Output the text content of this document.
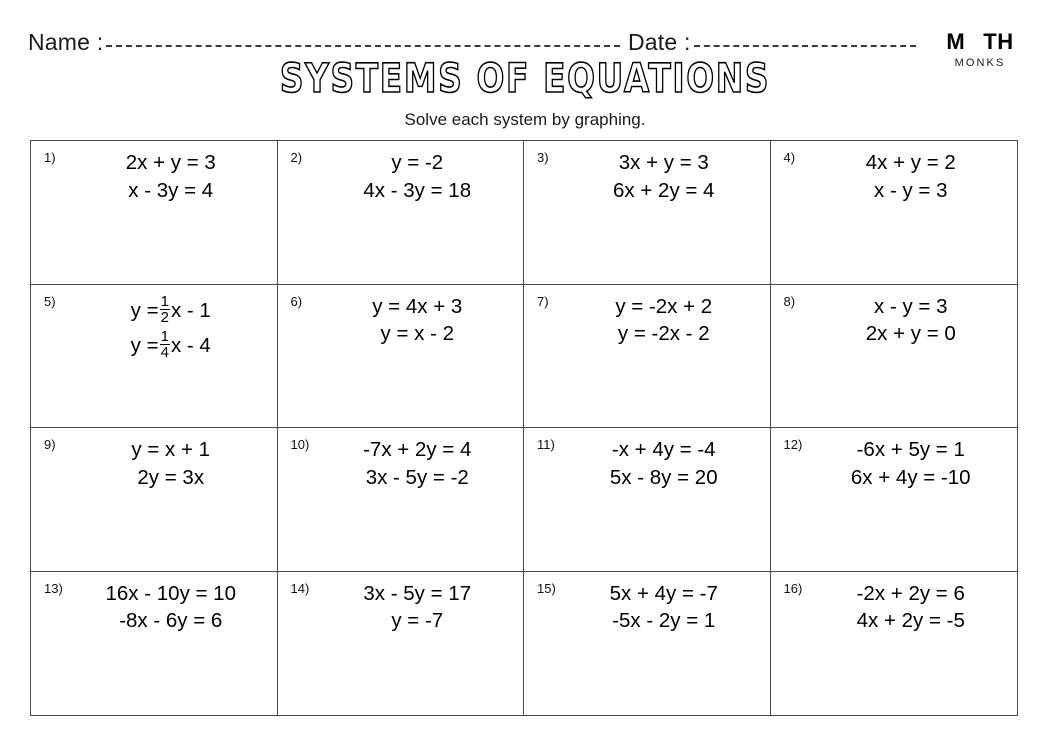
Name :	Date :	M TH
MONKS
SYSTEMS OF EQUATIONS
Solve each system by graphing.
1)	2x + y = 3
x - 3y = 4
2)	y = -2
4x - 3y = 18
3)	3x + y = 3
6x + 2y = 4
4)	4x + y = 2
x - y = 3
5)	$y = \frac{1}{2}$ x - 1
$y = \frac{1}{4}$ x - 4
6)	y = 4x + 3
y = x - 2
7)	y = -2x + 2
y = -2x - 2
8)	x - y = 3
2x + y = 0
9)	y = x + 1
2y = 3x
10)	-7x + 2y = 4
3x - 5y = -2
11)	-x + 4y = -4
5x - 8y = 20
12)	-6x + 5y = 1
6x + 4y = -10
13) 16x - 10y = 10
-8x - 6y = 6
14)	3x - 5y = 17
y = -7
15)	5x + 4y = -7
-5x - 2y = 1
16)	-2x + 2y = 6
4x + 2y = -5
